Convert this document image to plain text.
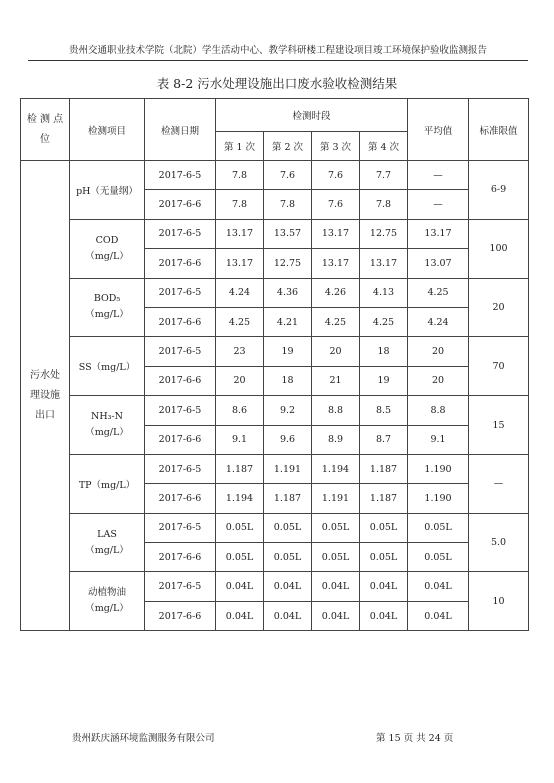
贵州交通职业技术学院（北院）学生活动中心、教学科研楼工程建设项目竣工环境保护验收监测报告
表 8-2 污水处理设施出口废水验收检测结果
检 测 点 位	检测项目	检测日期	检测时段				平均值	标准限值
			第 1 次	第 2 次	第 3 次	第 4 次		
污水处理设施出口	pH（无量纲）	2017-6-5	7.8	7.6	7.6	7.7	—	6-9
		2017-6-6	7.8	7.8	7.6	7.8	—	
	COD（mg/L）	2017-6-5	13.17	13.57	13.17	12.75	13.17	100
		2017-6-6	13.17	12.75	13.17	13.17	13.07	
	BOD₅（mg/L）	2017-6-5	4.24	4.36	4.26	4.13	4.25	20
		2017-6-6	4.25	4.21	4.25	4.25	4.24	
	SS（mg/L）	2017-6-5	23	19	20	18	20	70
		2017-6-6	20	18	21	19	20	
	NH₃-N（mg/L）	2017-6-5	8.6	9.2	8.8	8.5	8.8	15
		2017-6-6	9.1	9.6	8.9	8.7	9.1	
	TP（mg/L）	2017-6-5	1.187	1.191	1.194	1.187	1.190	—
		2017-6-6	1.194	1.187	1.191	1.187	1.190	
	LAS（mg/L）	2017-6-5	0.05L	0.05L	0.05L	0.05L	0.05L	5.0
		2017-6-6	0.05L	0.05L	0.05L	0.05L	0.05L	
	动植物油（mg/L）	2017-6-5	0.04L	0.04L	0.04L	0.04L	0.04L	10
		2017-6-6	0.04L	0.04L	0.04L	0.04L	0.04L	
贵州跃庆涵环境监测服务有限公司	第 15 页 共 24 页
